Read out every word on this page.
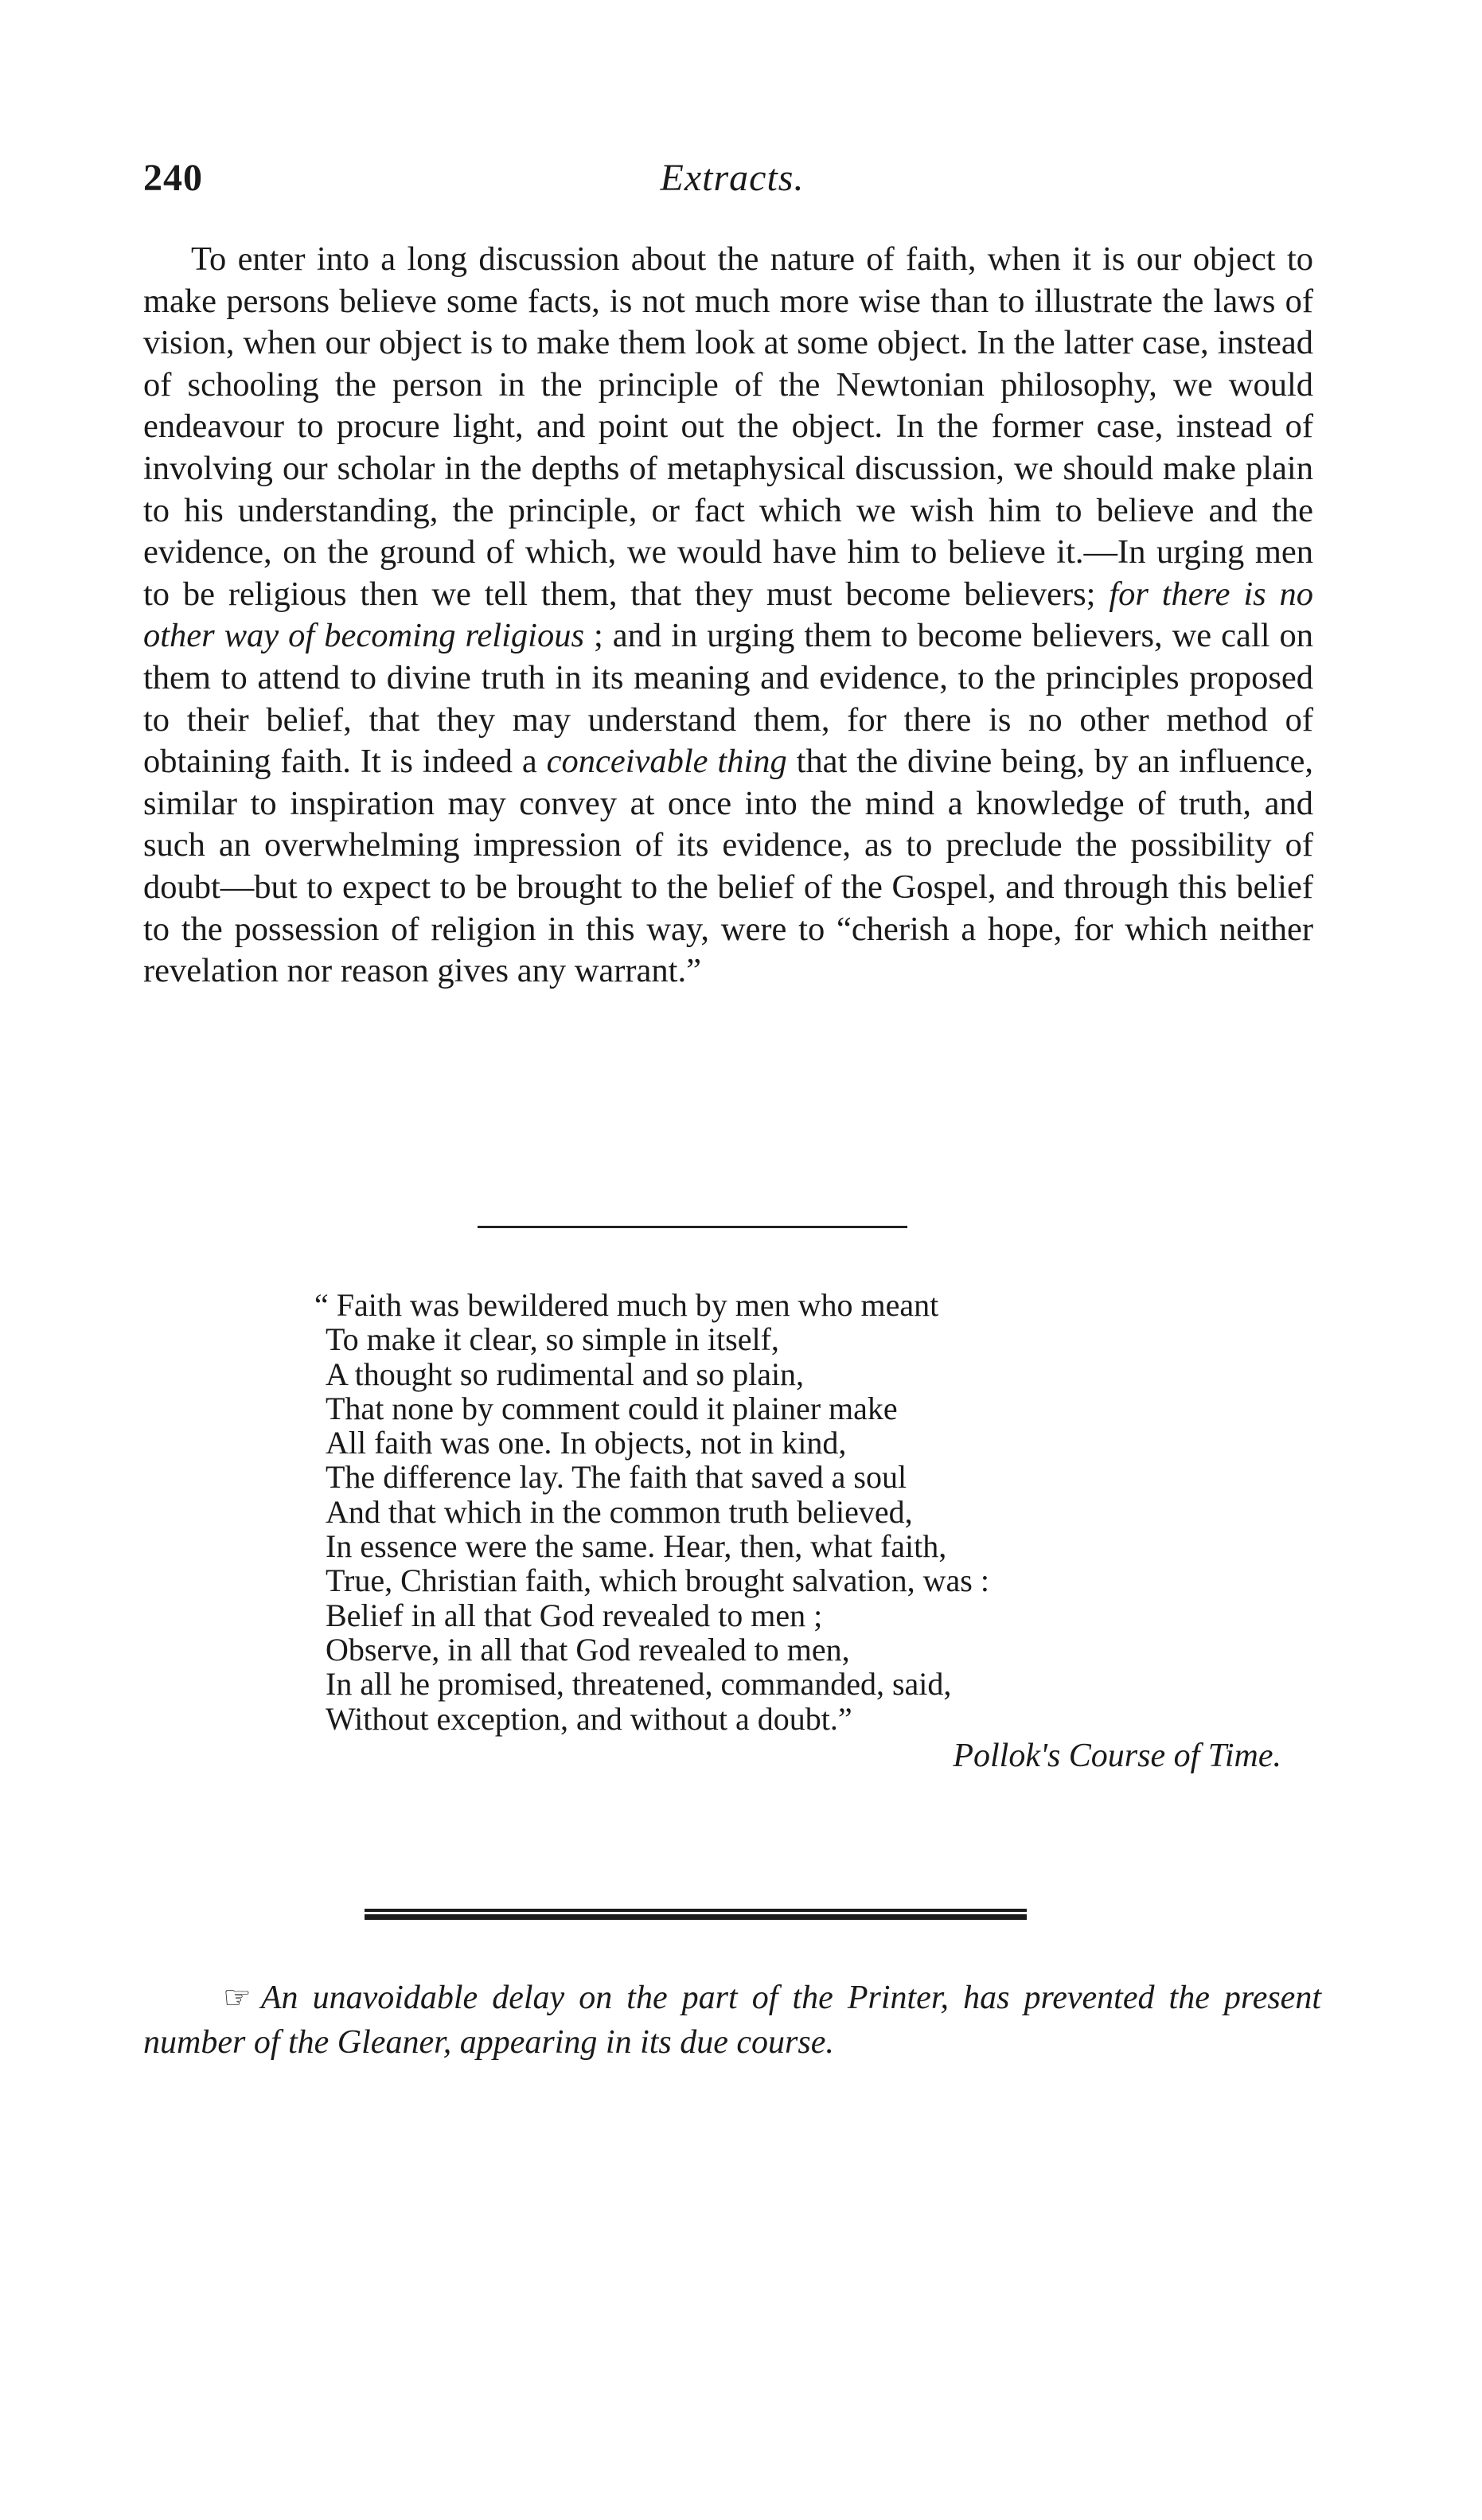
240	Extracts.

To enter into a long discussion about the nature of faith, when it is our object to make persons believe some facts, is not much more wise than to illustrate the laws of vision, when our object is to make them look at some object. In the latter case, instead of schooling the person in the principle of the Newtonian philosophy, we would endeavour to procure light, and point out the object. In the former case, instead of involving our scholar in the depths of metaphysical discussion, we should make plain to his understanding, the principle, or fact which we wish him to believe and the evidence, on the ground of which, we would have him to believe it.—In urging men to be religious then we tell them, that they must become believers; for there is no other way of becoming religious ; and in urging them to become believers, we call on them to attend to divine truth in its meaning and evidence, to the principles proposed to their belief, that they may understand them, for there is no other method of obtaining faith. It is indeed a conceivable thing that the divine being, by an influence, similar to inspiration may convey at once into the mind a knowledge of truth, and such an overwhelming impression of its evidence, as to preclude the possibility of doubt—but to expect to be brought to the belief of the Gospel, and through this belief to the possession of religion in this way, were to “cherish a hope, for which neither revelation nor reason gives any warrant.”

“ Faith was bewildered much by men who meant
To make it clear, so simple in itself,
A thought so rudimental and so plain,
That none by comment could it plainer make
All faith was one. In objects, not in kind,
The difference lay. The faith that saved a soul
And that which in the common truth believed,
In essence were the same. Hear, then, what faith,
True, Christian faith, which brought salvation, was :
Belief in all that God revealed to men ;
Observe, in all that God revealed to men,
In all he promised, threatened, commanded, said,
Without exception, and without a doubt.”
Pollok's Course of Time.

☞ An unavoidable delay on the part of the Printer, has prevented the present number of the Gleaner, appearing in its due course.
